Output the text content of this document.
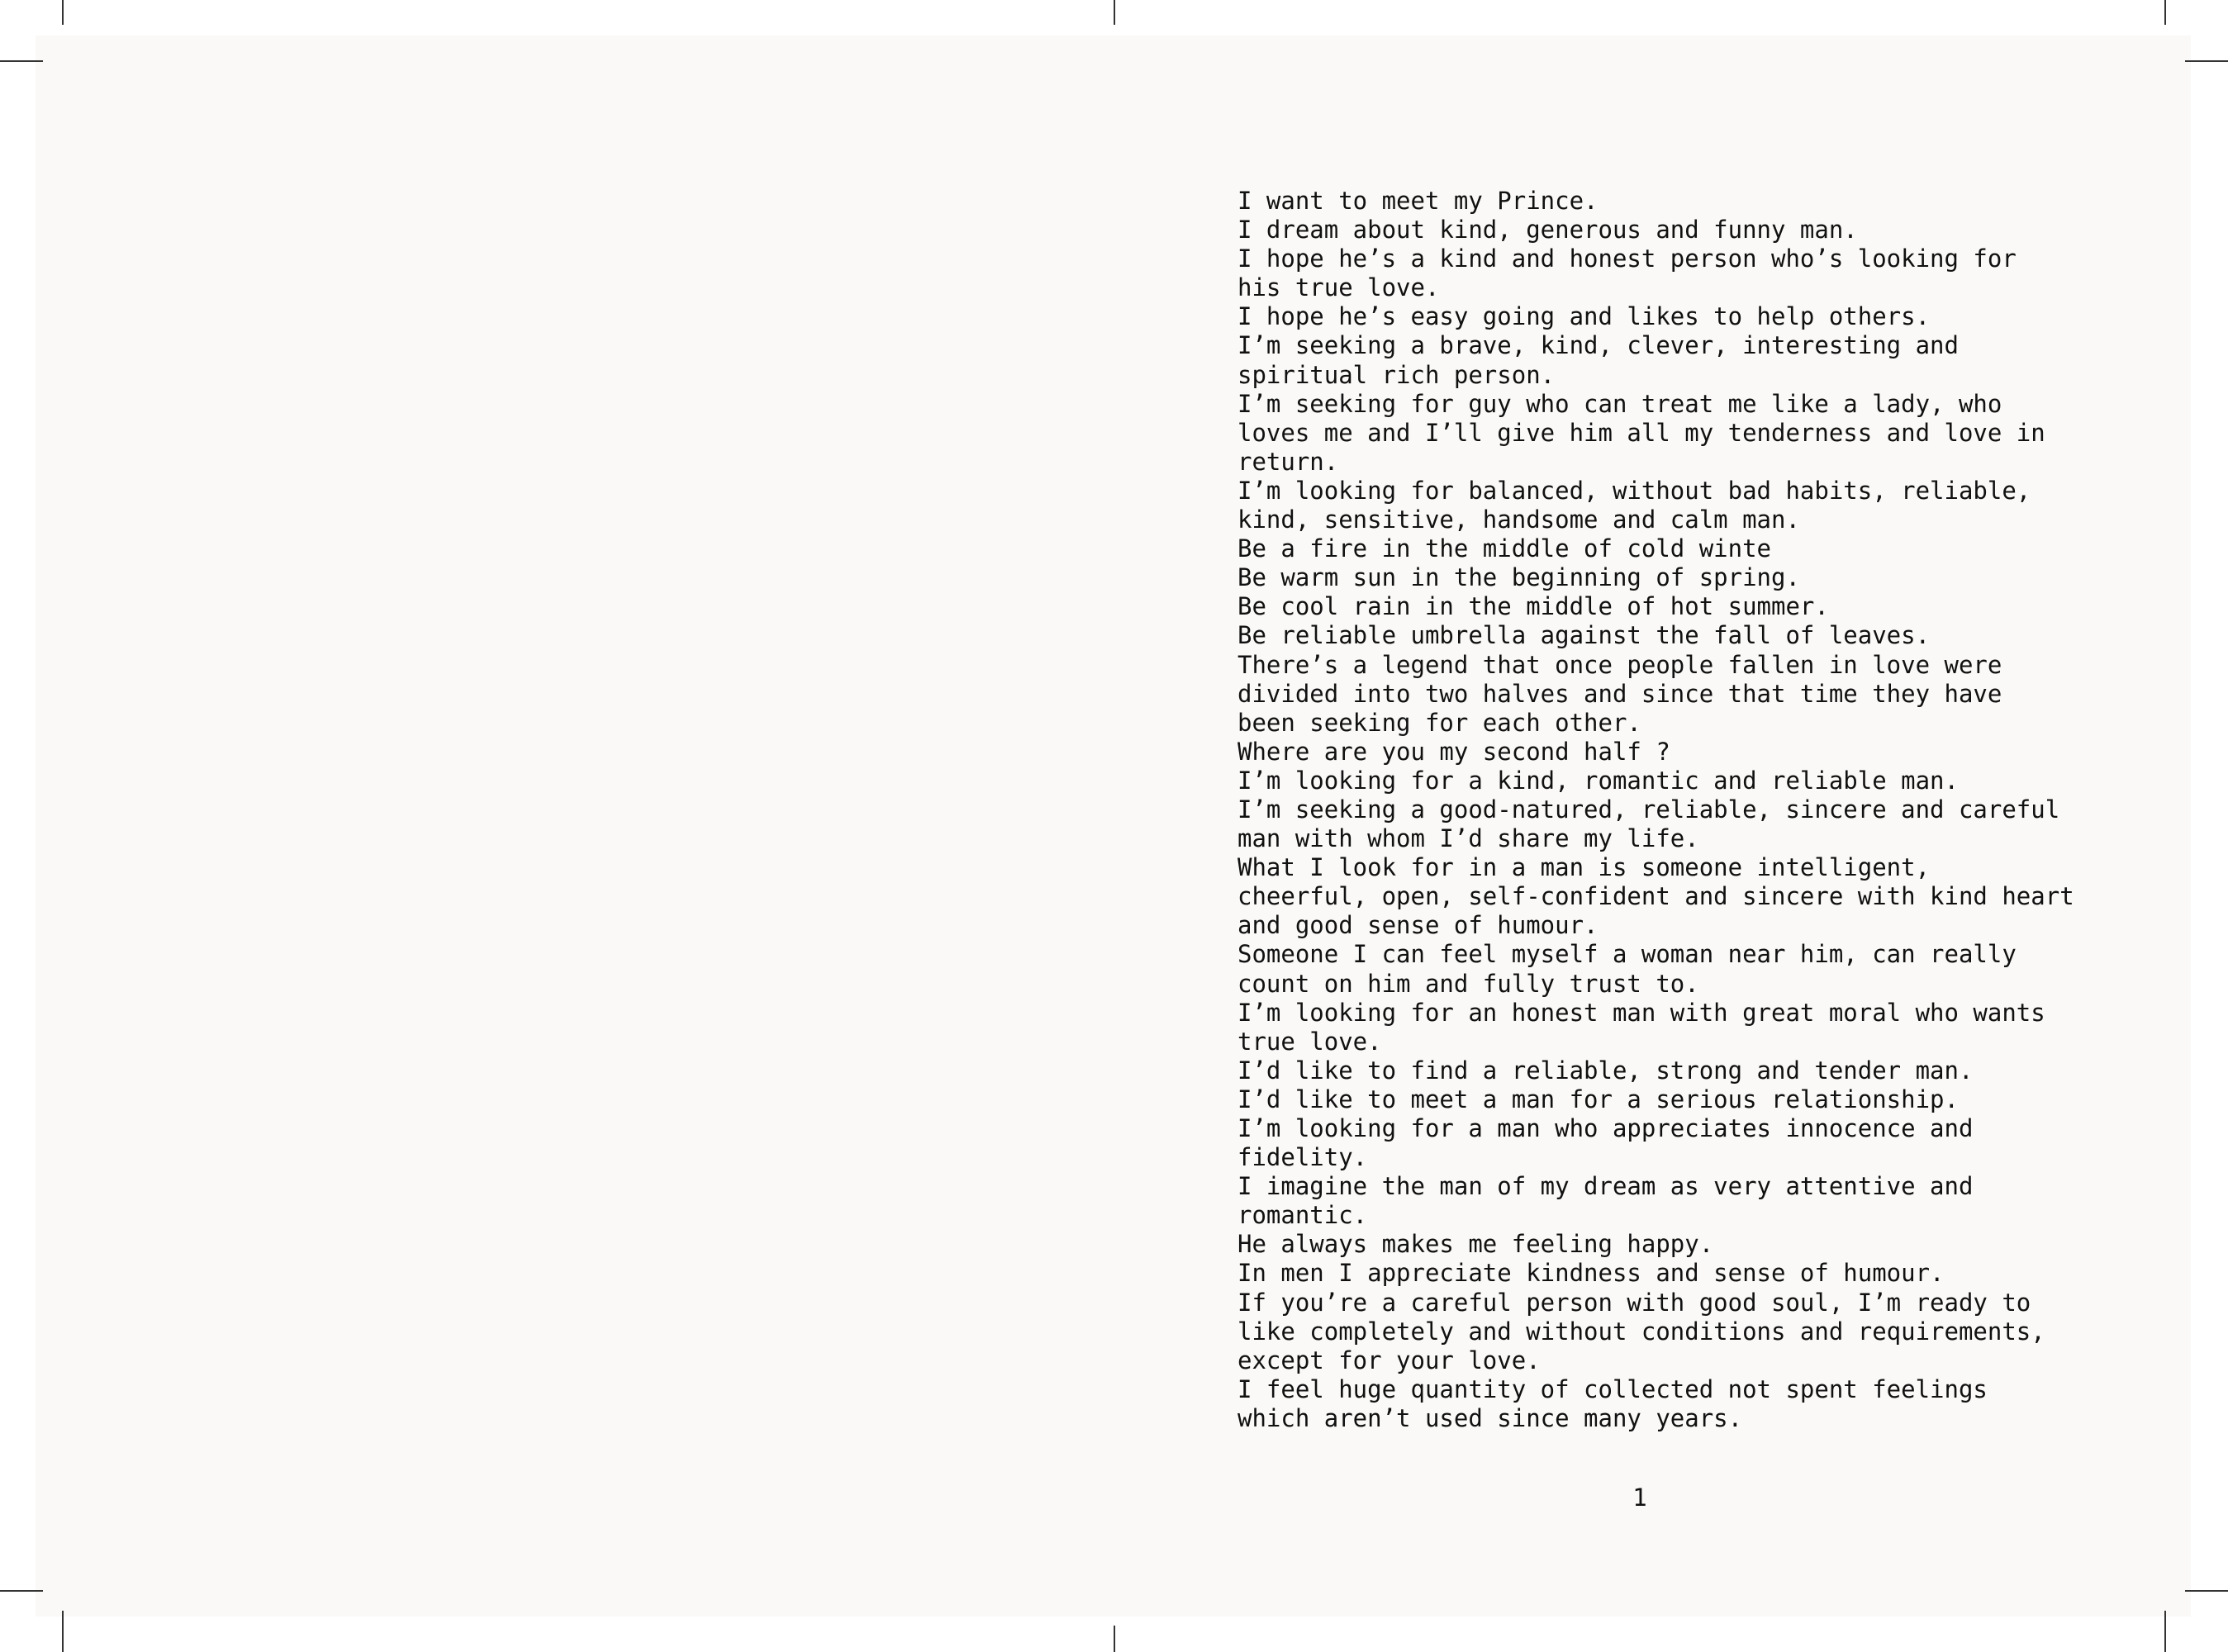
I want to meet my Prince.
I dream about kind, generous and funny man.
I hope he’s a kind and honest person who’s looking for
his true love.
I hope he’s easy going and likes to help others.
I’m seeking a brave, kind, clever, interesting and
spiritual rich person.
I’m seeking for guy who can treat me like a lady, who
loves me and I’ll give him all my tenderness and love in
return.
I’m looking for balanced, without bad habits, reliable,
kind, sensitive, handsome and calm man.
Be a fire in the middle of cold winte
Be warm sun in the beginning of spring.
Be cool rain in the middle of hot summer.
Be reliable umbrella against the fall of leaves.
There’s a legend that once people fallen in love were
divided into two halves and since that time they have
been seeking for each other.
Where are you my second half ?
I’m looking for a kind, romantic and reliable man.
I’m seeking a good-natured, reliable, sincere and careful
man with whom I’d share my life.
What I look for in a man is someone intelligent,
cheerful, open, self-confident and sincere with kind heart
and good sense of humour.
Someone I can feel myself a woman near him, can really
count on him and fully trust to.
I’m looking for an honest man with great moral who wants
true love.
I’d like to find a reliable, strong and tender man.
I’d like to meet a man for a serious relationship.
I’m looking for a man who appreciates innocence and
fidelity.
I imagine the man of my dream as very attentive and
romantic.
He always makes me feeling happy.
In men I appreciate kindness and sense of humour.
If you’re a careful person with good soul, I’m ready to
like completely and without conditions and requirements,
except for your love.
I feel huge quantity of collected not spent feelings
which aren’t used since many years.
1
